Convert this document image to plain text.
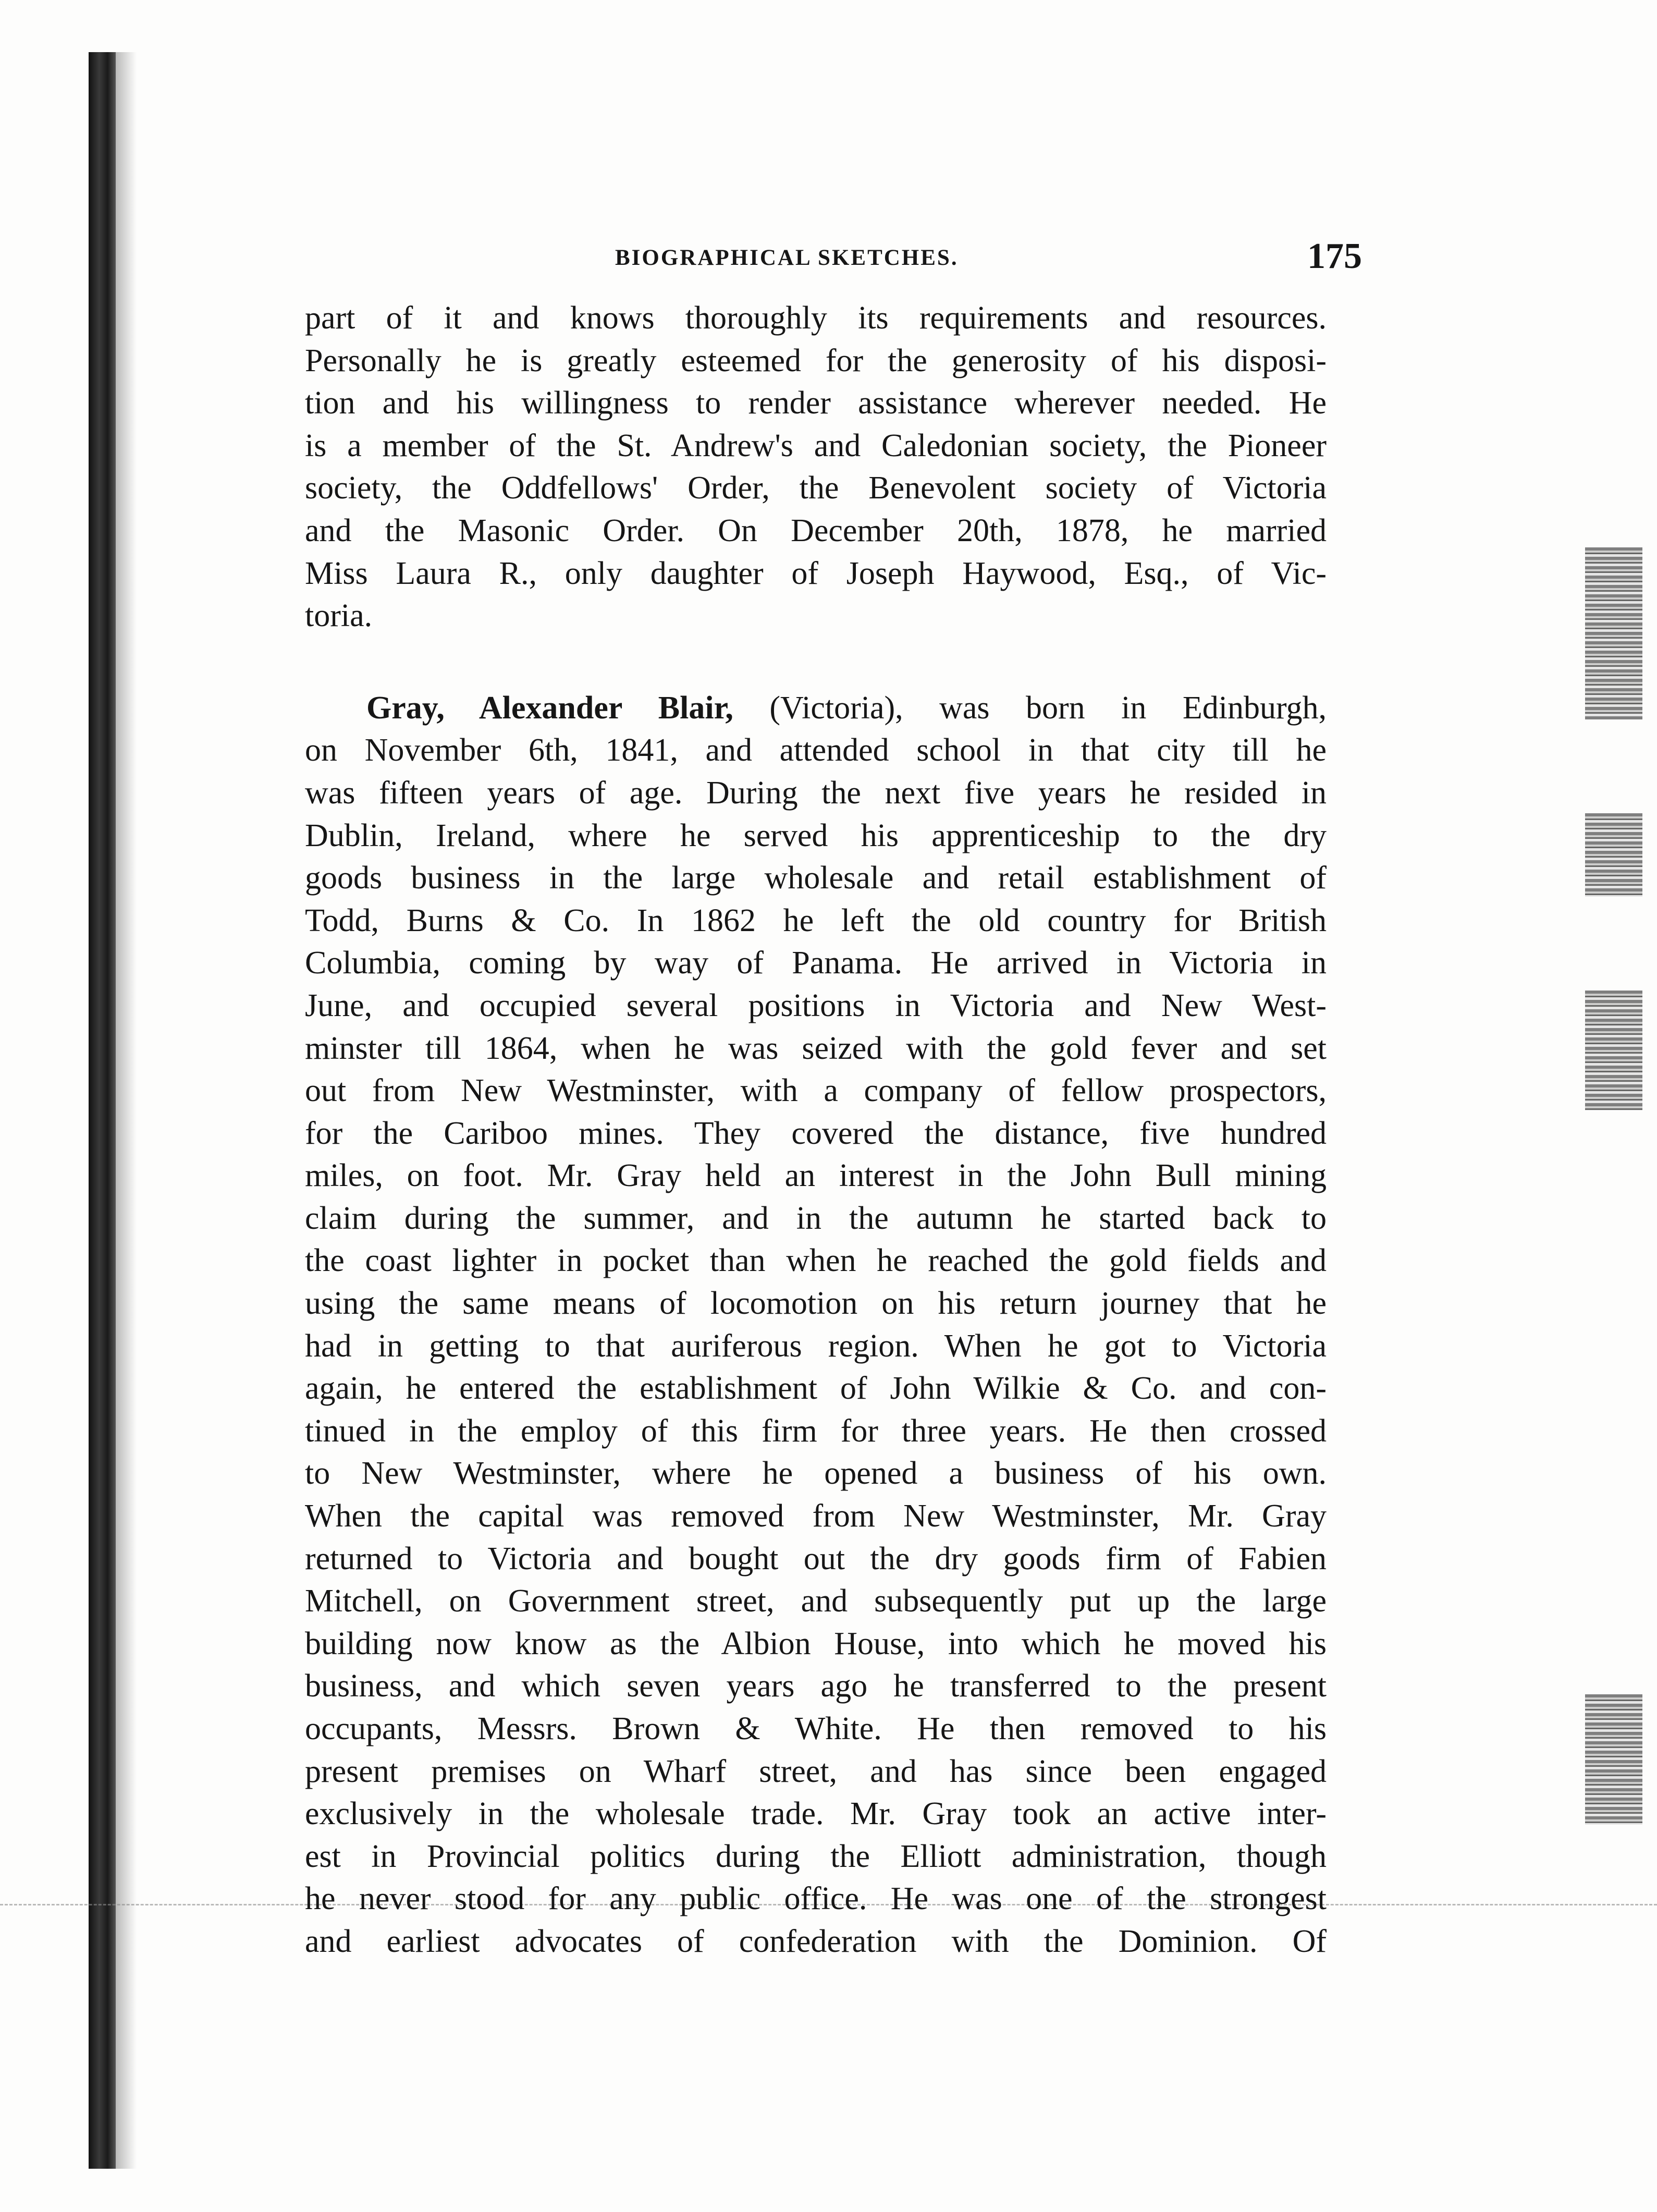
BIOGRAPHICAL SKETCHES.	175
part of it and knows thoroughly its requirements and resources.
Personally he is greatly esteemed for the generosity of his disposi-
tion and his willingness to render assistance wherever needed. He
is a member of the St. Andrew's and Caledonian society, the Pioneer
society, the Oddfellows' Order, the Benevolent society of Victoria
and the Masonic Order. On December 20th, 1878, he married
Miss Laura R., only daughter of Joseph Haywood, Esq., of Vic-
toria.
Gray, Alexander Blair, (Victoria), was born in Edinburgh,
on November 6th, 1841, and attended school in that city till he
was fifteen years of age. During the next five years he resided in
Dublin, Ireland, where he served his apprenticeship to the dry
goods business in the large wholesale and retail establishment of
Todd, Burns & Co. In 1862 he left the old country for British
Columbia, coming by way of Panama. He arrived in Victoria in
June, and occupied several positions in Victoria and New West-
minster till 1864, when he was seized with the gold fever and set
out from New Westminster, with a company of fellow prospectors,
for the Cariboo mines. They covered the distance, five hundred
miles, on foot. Mr. Gray held an interest in the John Bull mining
claim during the summer, and in the autumn he started back to
the coast lighter in pocket than when he reached the gold fields and
using the same means of locomotion on his return journey that he
had in getting to that auriferous region. When he got to Victoria
again, he entered the establishment of John Wilkie & Co. and con-
tinued in the employ of this firm for three years. He then crossed
to New Westminster, where he opened a business of his own.
When the capital was removed from New Westminster, Mr. Gray
returned to Victoria and bought out the dry goods firm of Fabien
Mitchell, on Government street, and subsequently put up the large
building now know as the Albion House, into which he moved his
business, and which seven years ago he transferred to the present
occupants, Messrs. Brown & White. He then removed to his
present premises on Wharf street, and has since been engaged
exclusively in the wholesale trade. Mr. Gray took an active inter-
est in Provincial politics during the Elliott administration, though
he never stood for any public office. He was one of the strongest
and earliest advocates of confederation with the Dominion. Of
